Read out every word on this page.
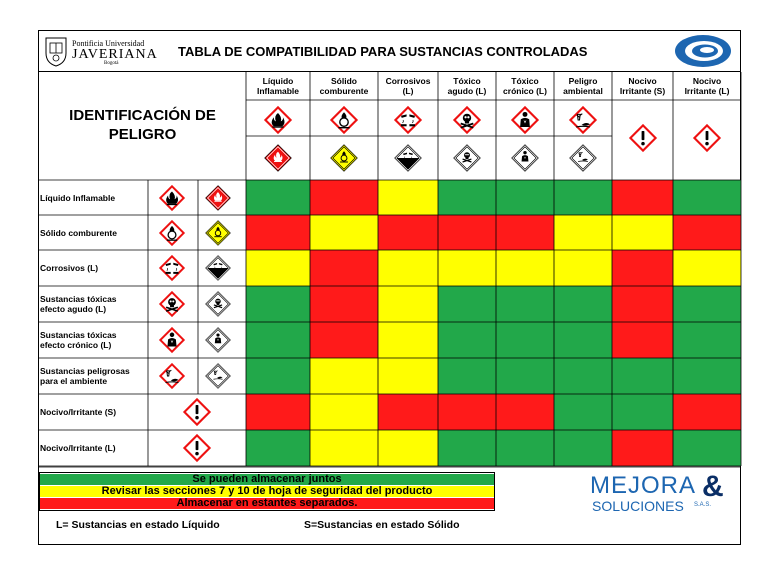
Pontificia Universidad
JAVERIANA
Bogotá
TABLA DE COMPATIBILIDAD PARA SUSTANCIAS CONTROLADAS
IDENTIFICACIÓN DE
PELIGRO
Líquido
Inflamable
Sólido
comburente
Corrosivos
(L)
Tóxico
agudo (L)
Tóxico
crónico (L)
Peligro
ambiental
Nocivo
Irritante (S)
Nocivo
Irritante (L)
Líquido Inflamable
Sólido comburente
Corrosivos (L)
Sustancias tóxicas
efecto agudo (L)
Sustancias tóxicas
efecto crónico (L)
Sustancias peligrosas
para el ambiente
Nocivo/Irritante (S)
Nocivo/Irritante (L)
Se pueden almacenar juntos
Revisar las secciones 7 y 10 de hoja de seguridad del producto
Almacenar en estantes separados.
L= Sustancias en estado Líquido	S=Sustancias en estado Sólido
MEJORA &
SOLUCIONES S.A.S.
